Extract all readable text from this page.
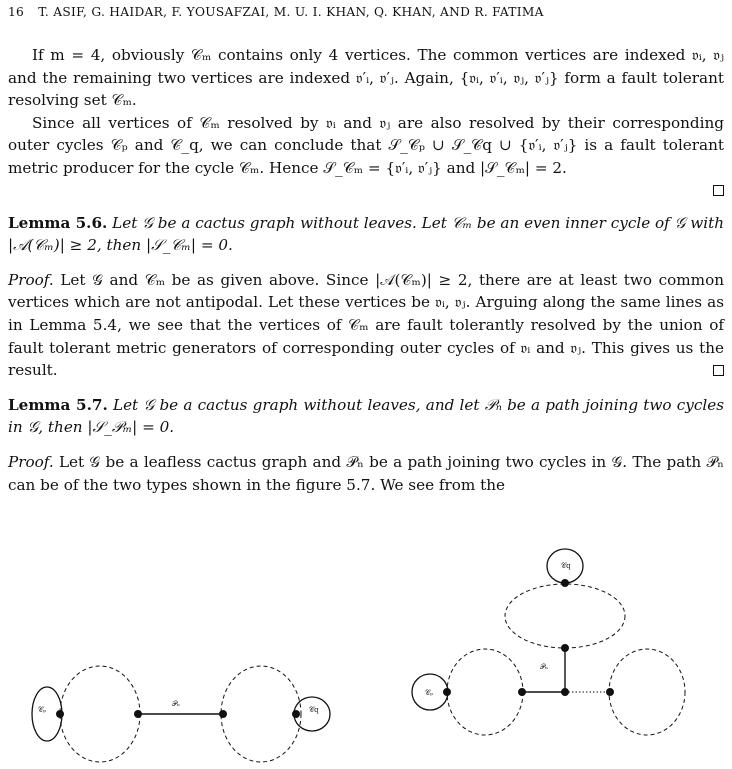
16 T. ASIF, G. HAIDAR, F. YOUSAFZAI, M. U. I. KHAN, Q. KHAN, AND R. FATIMA

If m = 4, obviously 𝒞ₘ contains only 4 vertices. The common vertices are indexed 𝔳ᵢ, 𝔳ⱼ and the remaining two vertices are indexed 𝔳′ᵢ, 𝔳′ⱼ. Again, {𝔳ᵢ, 𝔳′ᵢ, 𝔳ⱼ, 𝔳′ⱼ} form a fault tolerant resolving set 𝒞ₘ.

Since all vertices of 𝒞ₘ resolved by 𝔳ᵢ and 𝔳ⱼ are also resolved by their corresponding outer cycles 𝒞ₚ and 𝒞_q, we can conclude that 𝒮_𝒞ₚ ∪ 𝒮_𝒞q ∪ {𝔳′ᵢ, 𝔳′ⱼ} is a fault tolerant metric producer for the cycle 𝒞ₘ. Hence 𝒮_𝒞ₘ = {𝔳′ᵢ, 𝔳′ⱼ} and |𝒮_𝒞ₘ| = 2.

Lemma 5.6. Let 𝒢 be a cactus graph without leaves. Let 𝒞ₘ be an even inner cycle of 𝒢 with |𝒜(𝒞ₘ)| ≥ 2, then |𝒮_𝒞ₘ| = 0.

Proof. Let 𝒢 and 𝒞ₘ be as given above. Since |𝒜(𝒞ₘ)| ≥ 2, there are at least two common vertices which are not antipodal. Let these vertices be 𝔳ᵢ, 𝔳ⱼ. Arguing along the same lines as in Lemma 5.4, we see that the vertices of 𝒞ₘ are fault tolerantly resolved by the union of fault tolerant metric generators of corresponding outer cycles of 𝔳ᵢ and 𝔳ⱼ. This gives us the result.

Lemma 5.7. Let 𝒢 be a cactus graph without leaves, and let 𝒫ₙ be a path joining two cycles in 𝒢, then |𝒮_𝒫ₘ| = 0.

Proof. Let 𝒢 be a leafless cactus graph and 𝒫ₙ be a path joining two cycles in 𝒢. The path 𝒫ₙ can be of the two types shown in the figure 5.7. We see from the

𝒞ₚ
𝒫ₙ
𝒞q
𝒞q
𝒫ₙ
𝒞ₚ
